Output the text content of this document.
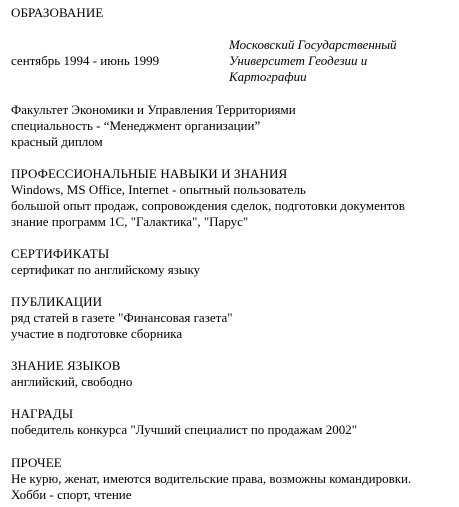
ОБРАЗОВАНИЕ
сентябрь 1994 - июнь 1999
Московский Государственный
Университет Геодезии и
Картографии
Факультет Экономики и Управления Территориями
специальность - “Менеджмент организации”
красный диплом
ПРОФЕССИОНАЛЬНЫЕ НАВЫКИ И ЗНАНИЯ
Windows, MS Office, Internet - опытный пользователь
большой опыт продаж, сопровождения сделок, подготовки документов
знание программ 1С, "Галактика", "Парус"
СЕРТИФИКАТЫ
сертификат по английскому языку
ПУБЛИКАЦИИ
ряд статей в газете "Финансовая газета"
участие в подготовке сборника
ЗНАНИЕ ЯЗЫКОВ
английский, свободно
НАГРАДЫ
победитель конкурса "Лучший специалист по продажам 2002"
ПРОЧЕЕ
Не курю, женат, имеются водительские права, возможны командировки.
Хобби - спорт, чтение
